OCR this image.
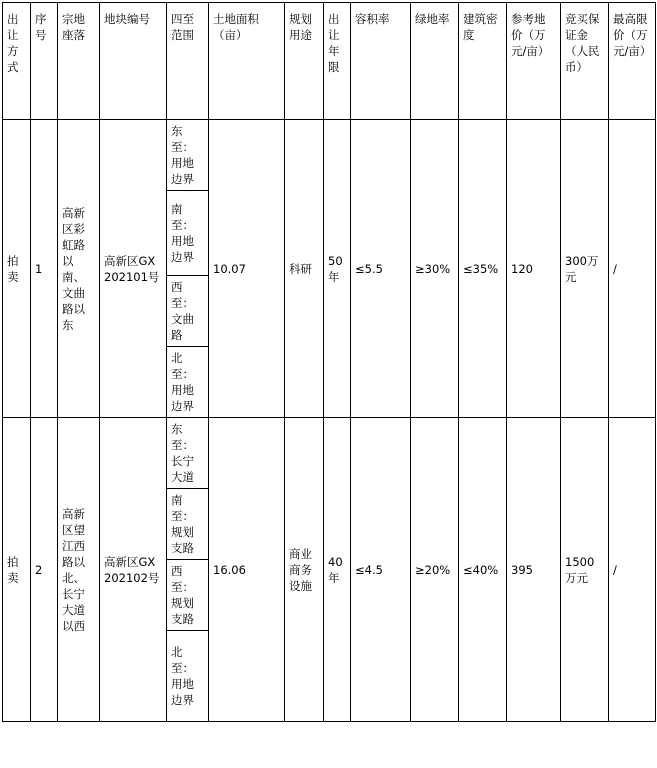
出让方式	序号	宗地座落	地块编号	四至范围	土地面积（亩）	规划用途	出让年限	容积率	绿地率	建筑密度	参考地价（万元/亩）	竞买保证金（人民币）	最高限价（万元/亩）
拍卖	1	高新区彩虹路以南、文曲路以东	高新区GX202101号	东至：用地边界	10.07	科研	50年	≤5.5	≥30%	≤35%	120	300万元	/
				南至：用地边界									
				西至：文曲路									
				北至：用地边界									
拍卖	2	高新区望江西路以北、长宁大道以西	高新区GX202102号	东至：长宁大道	16.06	商业商务设施	40年	≤4.5	≥20%	≤40%	395	1500万元	/
				南至：规划支路									
				西至：规划支路									
				北至：用地边界									
